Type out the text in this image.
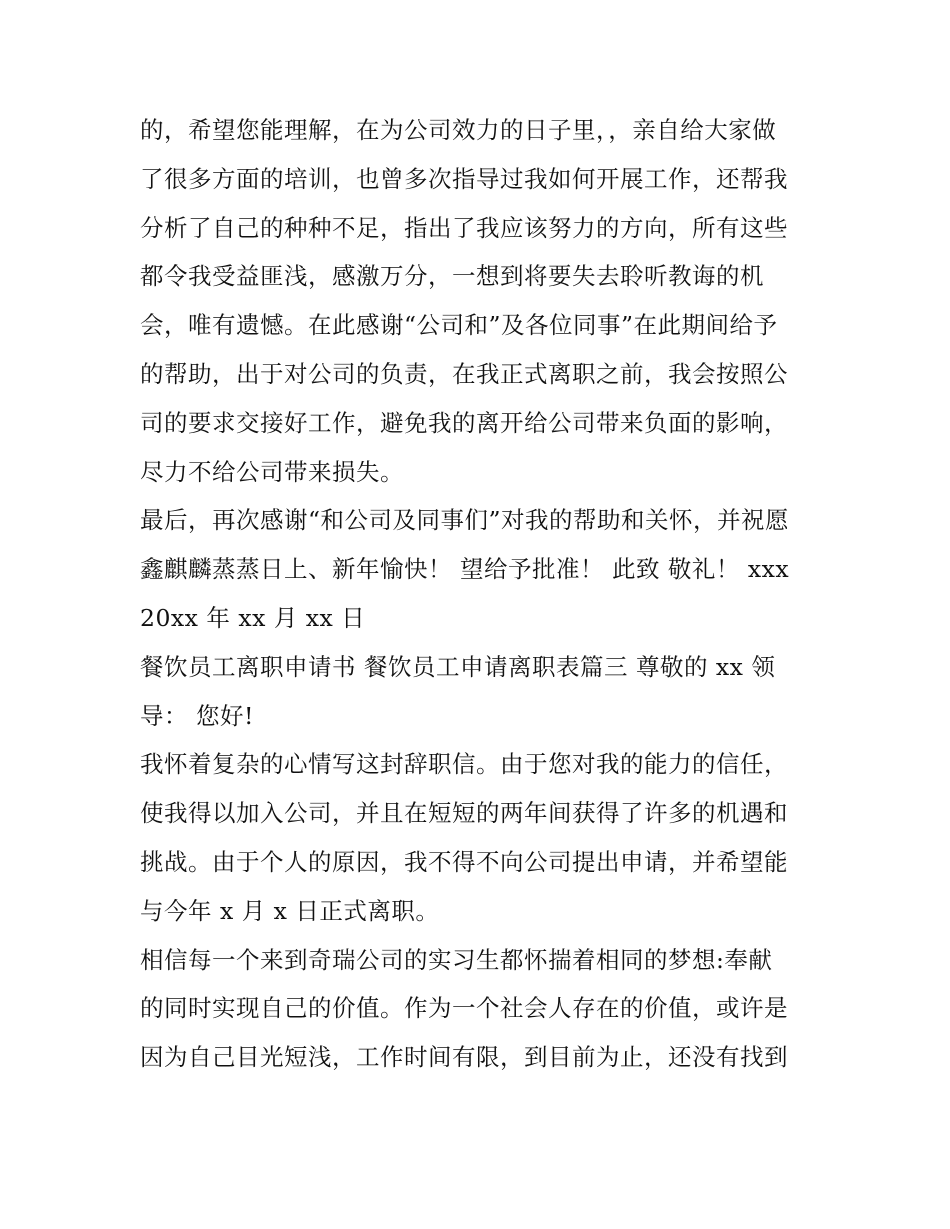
的，希望您能理解，在为公司效力的日子里，，亲自给大家做
了很多方面的培训，也曾多次指导过我如何开展工作，还帮我
分析了自己的种种不足，指出了我应该努力的方向，所有这些
都令我受益匪浅，感激万分，一想到将要失去聆听教诲的机
会，唯有遗憾。在此感谢“公司和”及各位同事”在此期间给予
的帮助，出于对公司的负责，在我正式离职之前，我会按照公
司的要求交接好工作，避免我的离开给公司带来负面的影响，
尽力不给公司带来损失。
最后，再次感谢“和公司及同事们”对我的帮助和关怀，并祝愿
鑫麒麟蒸蒸日上、新年愉快！ 望给予批准！ 此致 敬礼！ xxx
20xx 年 xx 月 xx 日
餐饮员工离职申请书 餐饮员工申请离职表篇三 尊敬的 xx 领
导： 您好!
我怀着复杂的心情写这封辞职信。由于您对我的能力的信任，
使我得以加入公司，并且在短短的两年间获得了许多的机遇和
挑战。由于个人的原因，我不得不向公司提出申请，并希望能
与今年 x 月 x 日正式离职。
相信每一个来到奇瑞公司的实习生都怀揣着相同的梦想:奉献
的同时实现自己的价值。作为一个社会人存在的价值，或许是
因为自己目光短浅，工作时间有限，到目前为止，还没有找到
